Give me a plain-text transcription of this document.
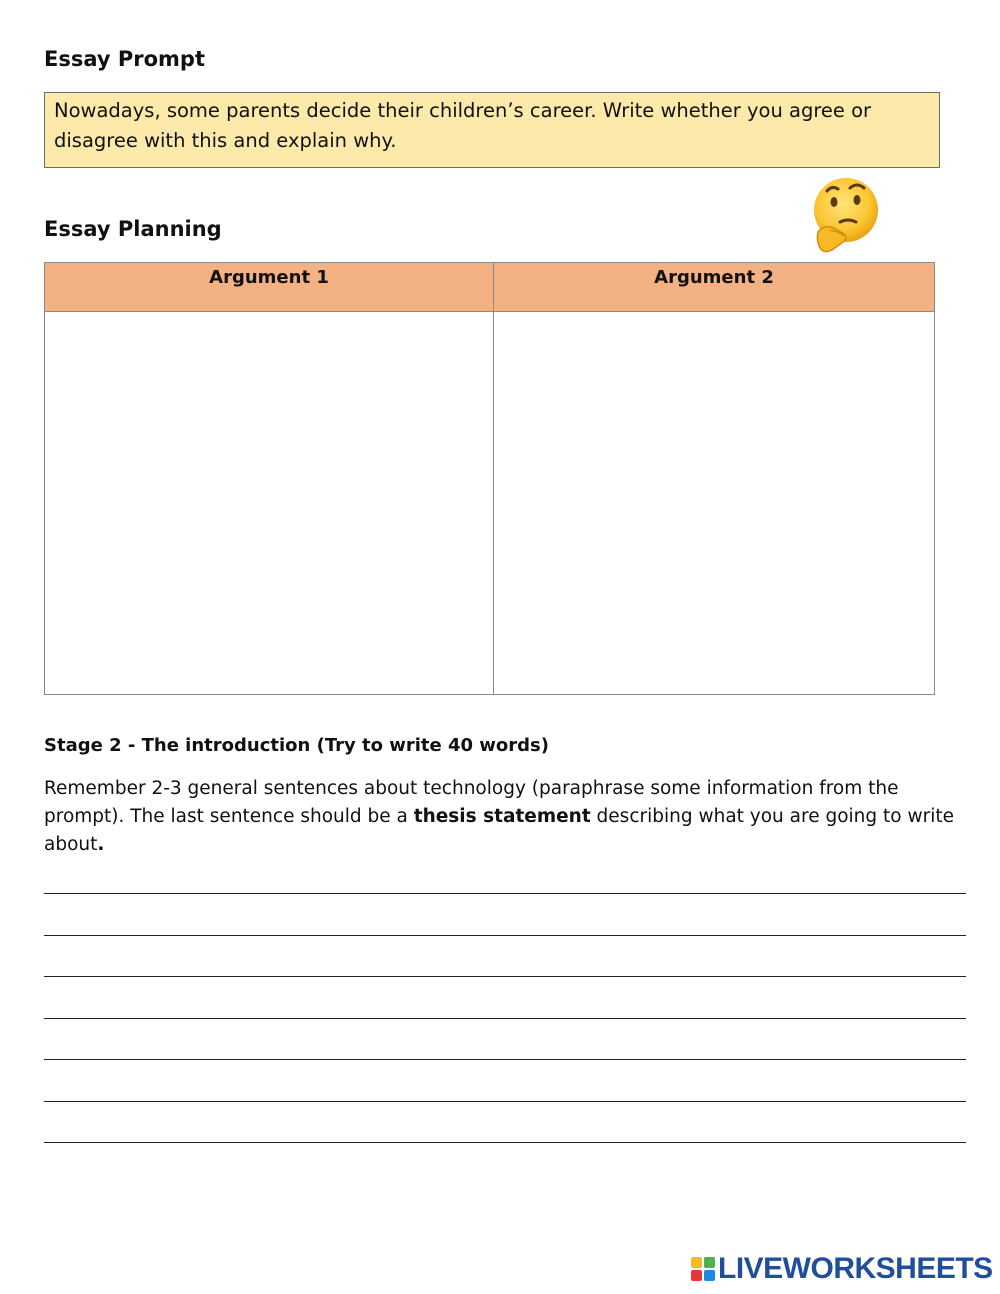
Essay Prompt
Nowadays, some parents decide their children’s career. Write whether you agree or disagree with this and explain why.
Essay Planning
Argument 1	Argument 2

Stage 2 - The introduction (Try to write 40 words)

Remember 2-3 general sentences about technology (paraphrase some information from the prompt). The last sentence should be a thesis statement describing what you are going to write about.

LIVEWORKSHEETS
